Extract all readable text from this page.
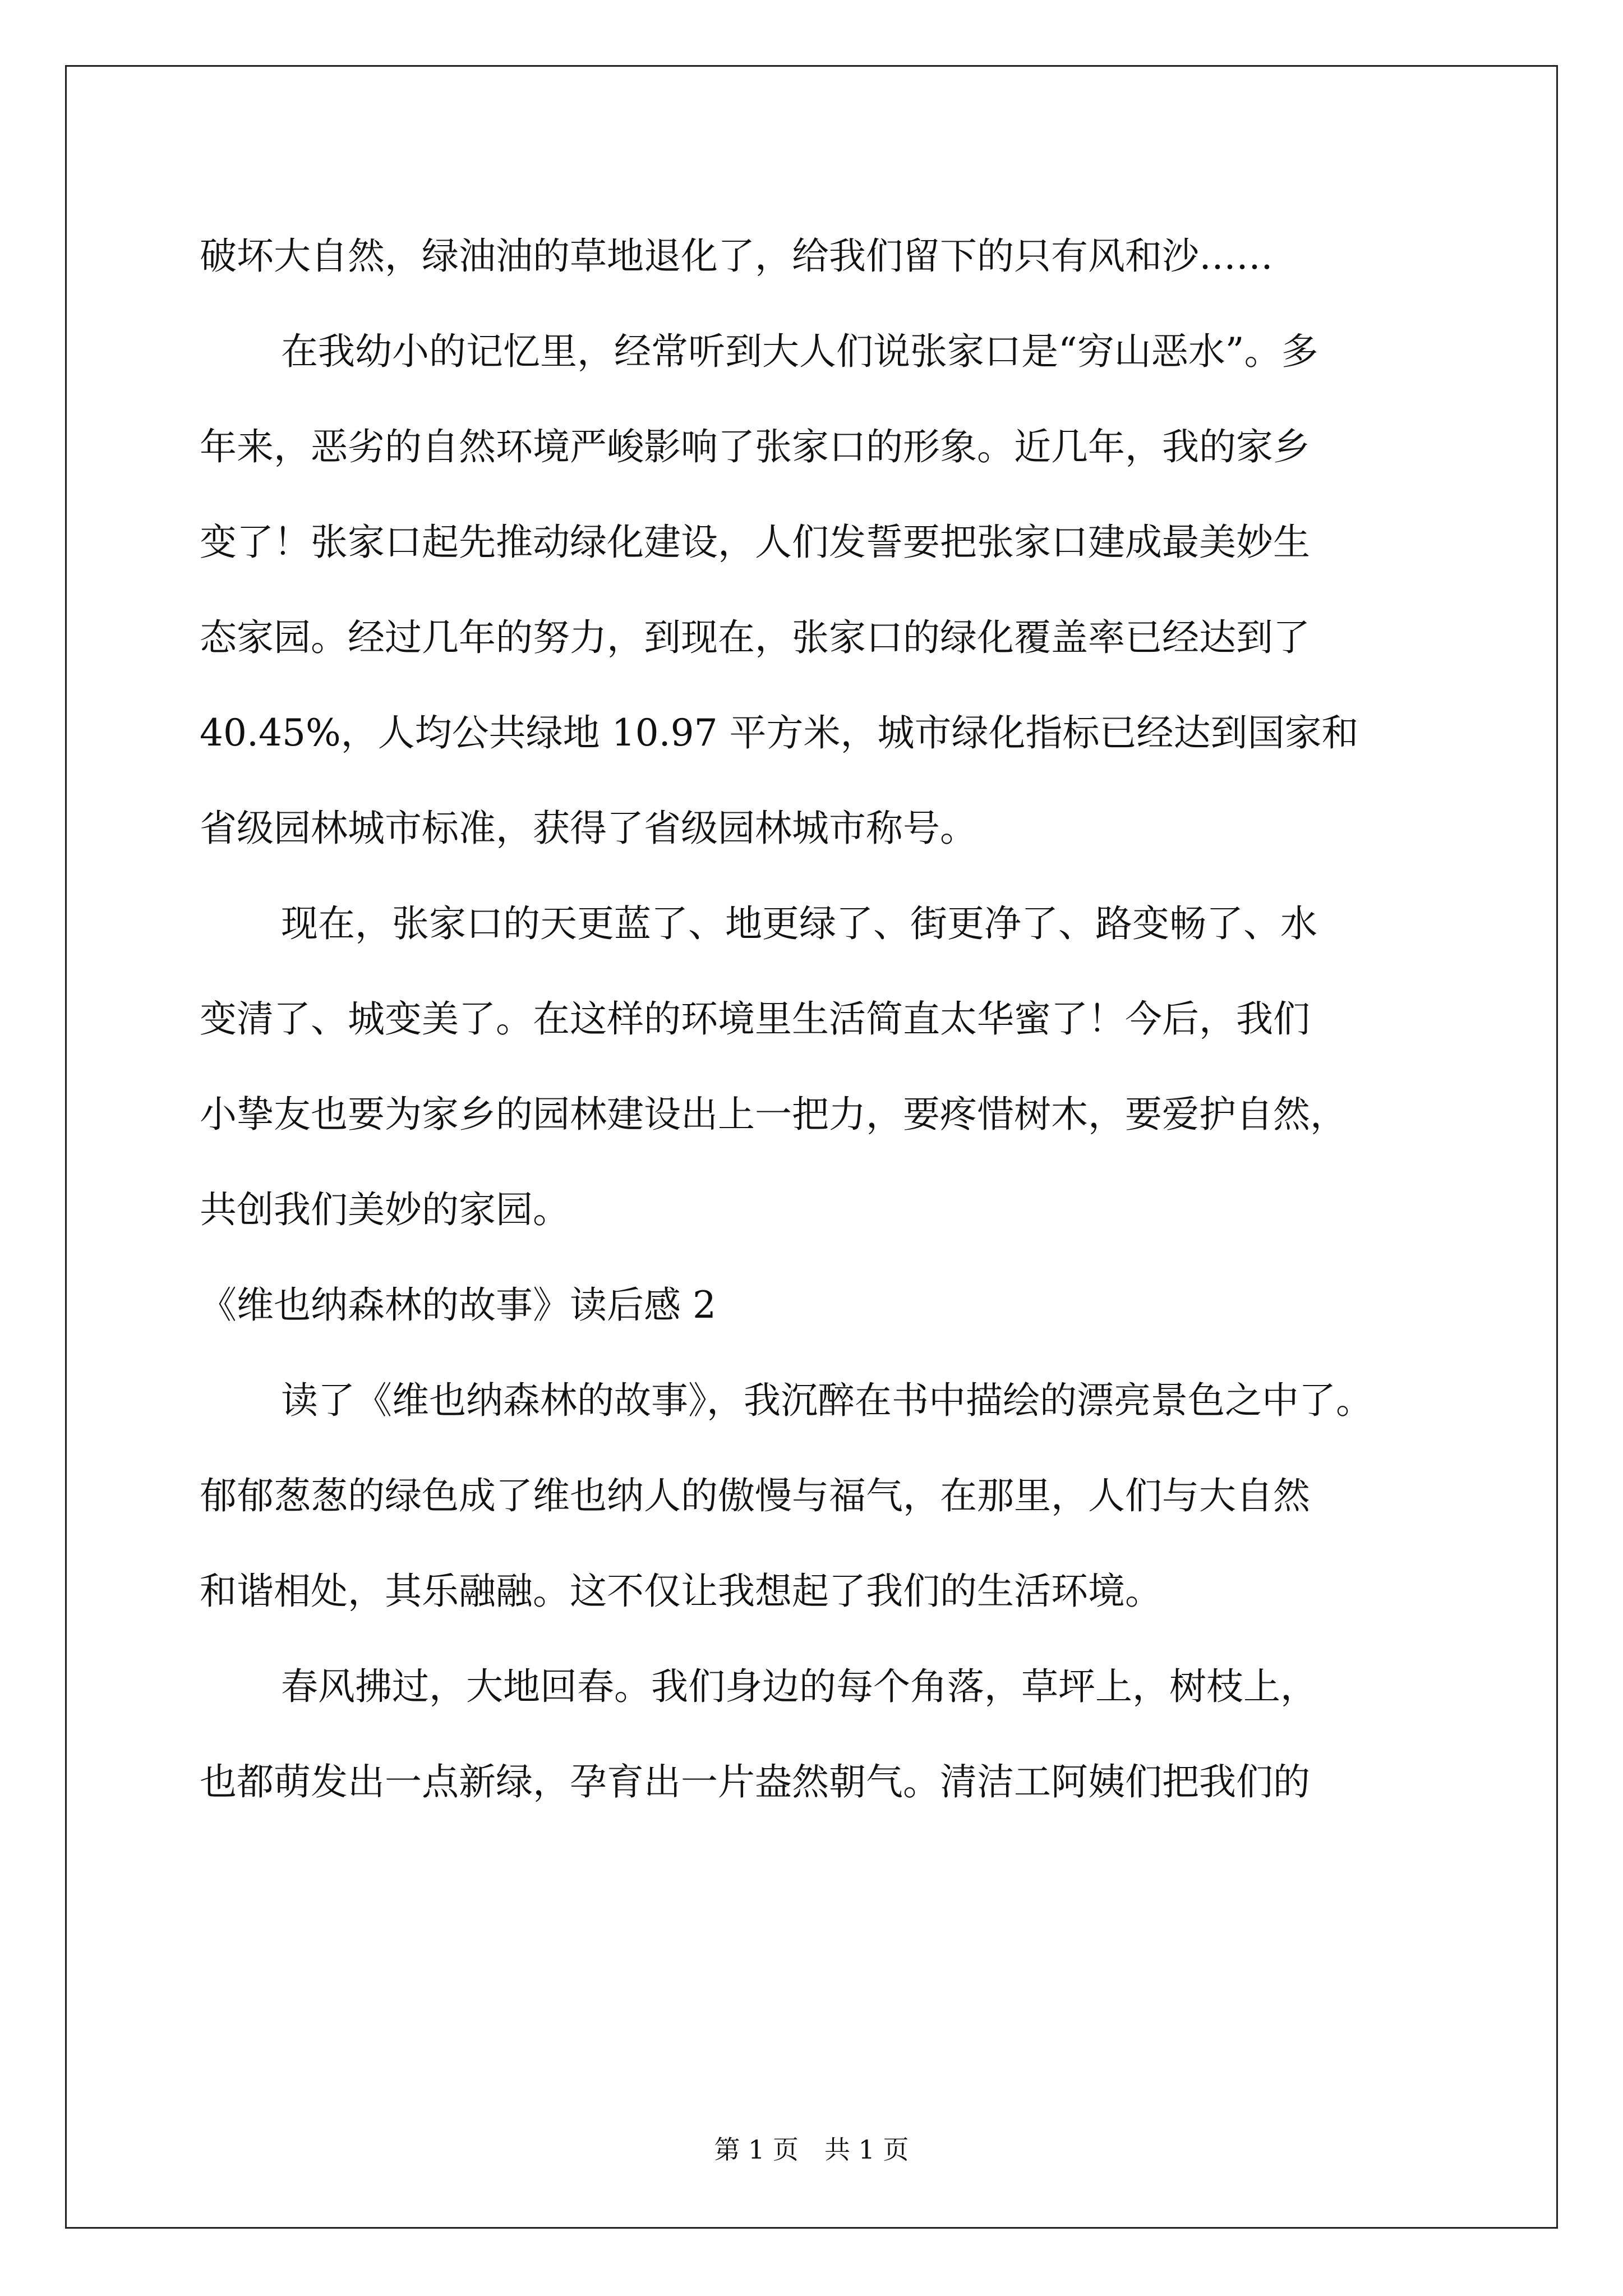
破坏大自然，绿油油的草地退化了，给我们留下的只有风和沙……
在我幼小的记忆里，经常听到大人们说张家口是“穷山恶水”。多
年来，恶劣的自然环境严峻影响了张家口的形象。近几年，我的家乡
变了！张家口起先推动绿化建设，人们发誓要把张家口建成最美妙生
态家园。经过几年的努力，到现在，张家口的绿化覆盖率已经达到了
40.45%，人均公共绿地 10.97 平方米，城市绿化指标已经达到国家和
省级园林城市标准，获得了省级园林城市称号。
现在，张家口的天更蓝了、地更绿了、街更净了、路变畅了、水
变清了、城变美了。在这样的环境里生活简直太华蜜了！今后，我们
小挚友也要为家乡的园林建设出上一把力，要疼惜树木，要爱护自然，
共创我们美妙的家园。
《维也纳森林的故事》读后感 2
读了《维也纳森林的故事》，我沉醉在书中描绘的漂亮景色之中了。
郁郁葱葱的绿色成了维也纳人的傲慢与福气，在那里，人们与大自然
和谐相处，其乐融融。这不仅让我想起了我们的生活环境。
春风拂过，大地回春。我们身边的每个角落，草坪上，树枝上，
也都萌发出一点新绿，孕育出一片盎然朝气。清洁工阿姨们把我们的
第 1 页　共 1 页
